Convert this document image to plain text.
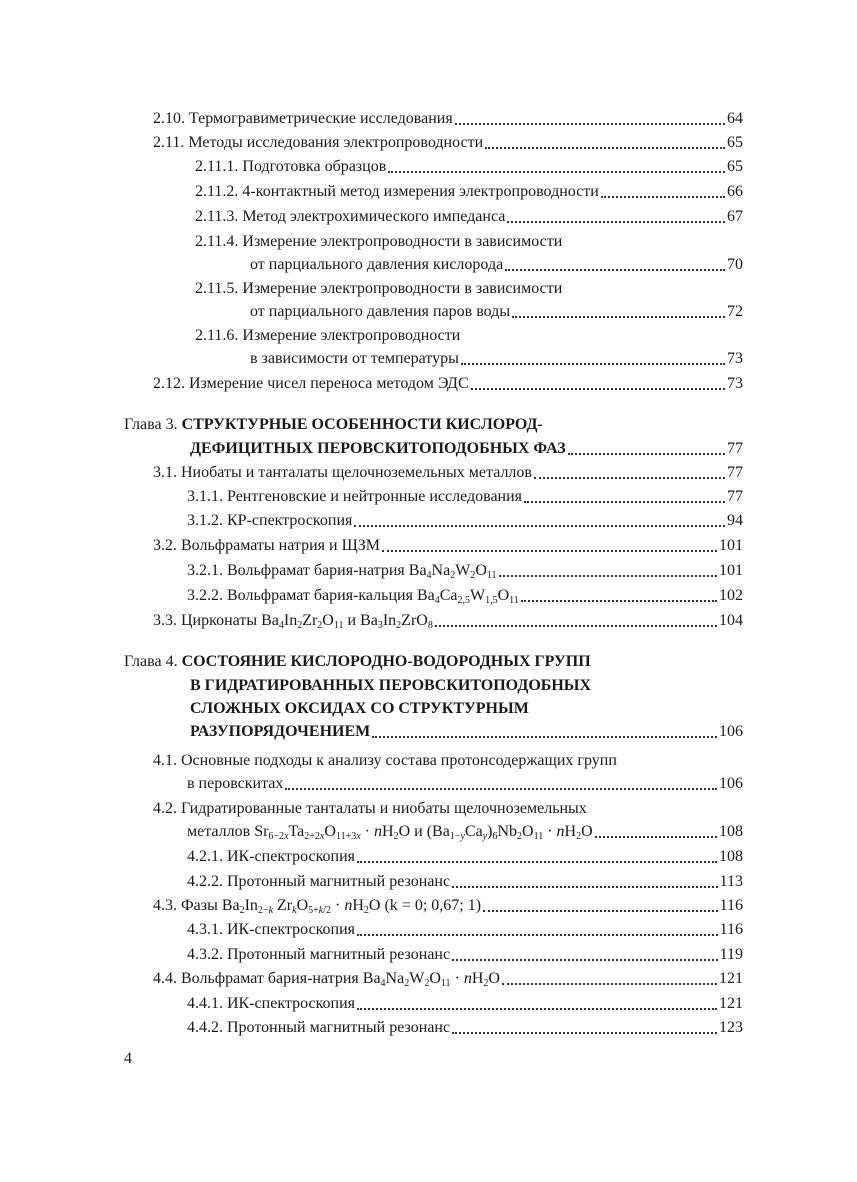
2.10. Термогравиметрические исследования	64
2.11. Методы исследования электропроводности	65
2.11.1. Подготовка образцов	65
2.11.2. 4-контактный метод измерения электропроводности	66
2.11.3. Метод электрохимического импеданса	67
2.11.4. Измерение электропроводности в зависимости
от парциального давления кислорода	70
2.11.5. Измерение электропроводности в зависимости
от парциального давления паров воды	72
2.11.6. Измерение электропроводности
в зависимости от температуры	73
2.12. Измерение чисел переноса методом ЭДС	73
Глава 3. СТРУКТУРНЫЕ ОСОБЕННОСТИ КИСЛОРОД-
ДЕФИЦИТНЫХ ПЕРОВСКИТОПОДОБНЫХ ФАЗ	77
3.1. Ниобаты и танталаты щелочноземельных металлов	77
3.1.1. Рентгеновские и нейтронные исследования	77
3.1.2. КР-спектроскопия	94
3.2. Вольфраматы натрия и ЩЗМ	101
3.2.1. Вольфрамат бария-натрия $Ba_4Na_2W_2O_{11}$	101
3.2.2. Вольфрамат бария-кальция $Ba_4Ca_{2,5}W_{1,5}O_{11}$	102
3.3. Цирконаты $Ba_4In_2Zr_2O_{11}$ и $Ba_3In_2ZrO_8$	104
Глава 4. СОСТОЯНИЕ КИСЛОРОДНО-ВОДОРОДНЫХ ГРУПП
В ГИДРАТИРОВАННЫХ ПЕРОВСКИТОПОДОБНЫХ
СЛОЖНЫХ ОКСИДАХ СО СТРУКТУРНЫМ
РАЗУПОРЯДОЧЕНИЕМ	106
4.1. Основные подходы к анализу состава протонсодержащих групп
в перовскитах	106
4.2. Гидратированные танталаты и ниобаты щелочноземельных
металлов $Sr_{6-2x}Ta_{2+2x}O_{11+3x} \cdot nH_2O$ и $(Ba_{1-y}Ca_y)_6Nb_2O_{11} \cdot nH_2O$	108
4.2.1. ИК-спектроскопия	108
4.2.2. Протонный магнитный резонанс	113
4.3. Фазы $Ba_2In_{2-k}$ $Zr_kO_{5+k/2} \cdot nH_2O$ (k = 0; 0,67; 1)	116
4.3.1. ИК-спектроскопия	116
4.3.2. Протонный магнитный резонанс	119
4.4. Вольфрамат бария-натрия $Ba_4Na_2W_2O_{11} \cdot nH_2O$	121
4.4.1. ИК-спектроскопия	121
4.4.2. Протонный магнитный резонанс	123
4
